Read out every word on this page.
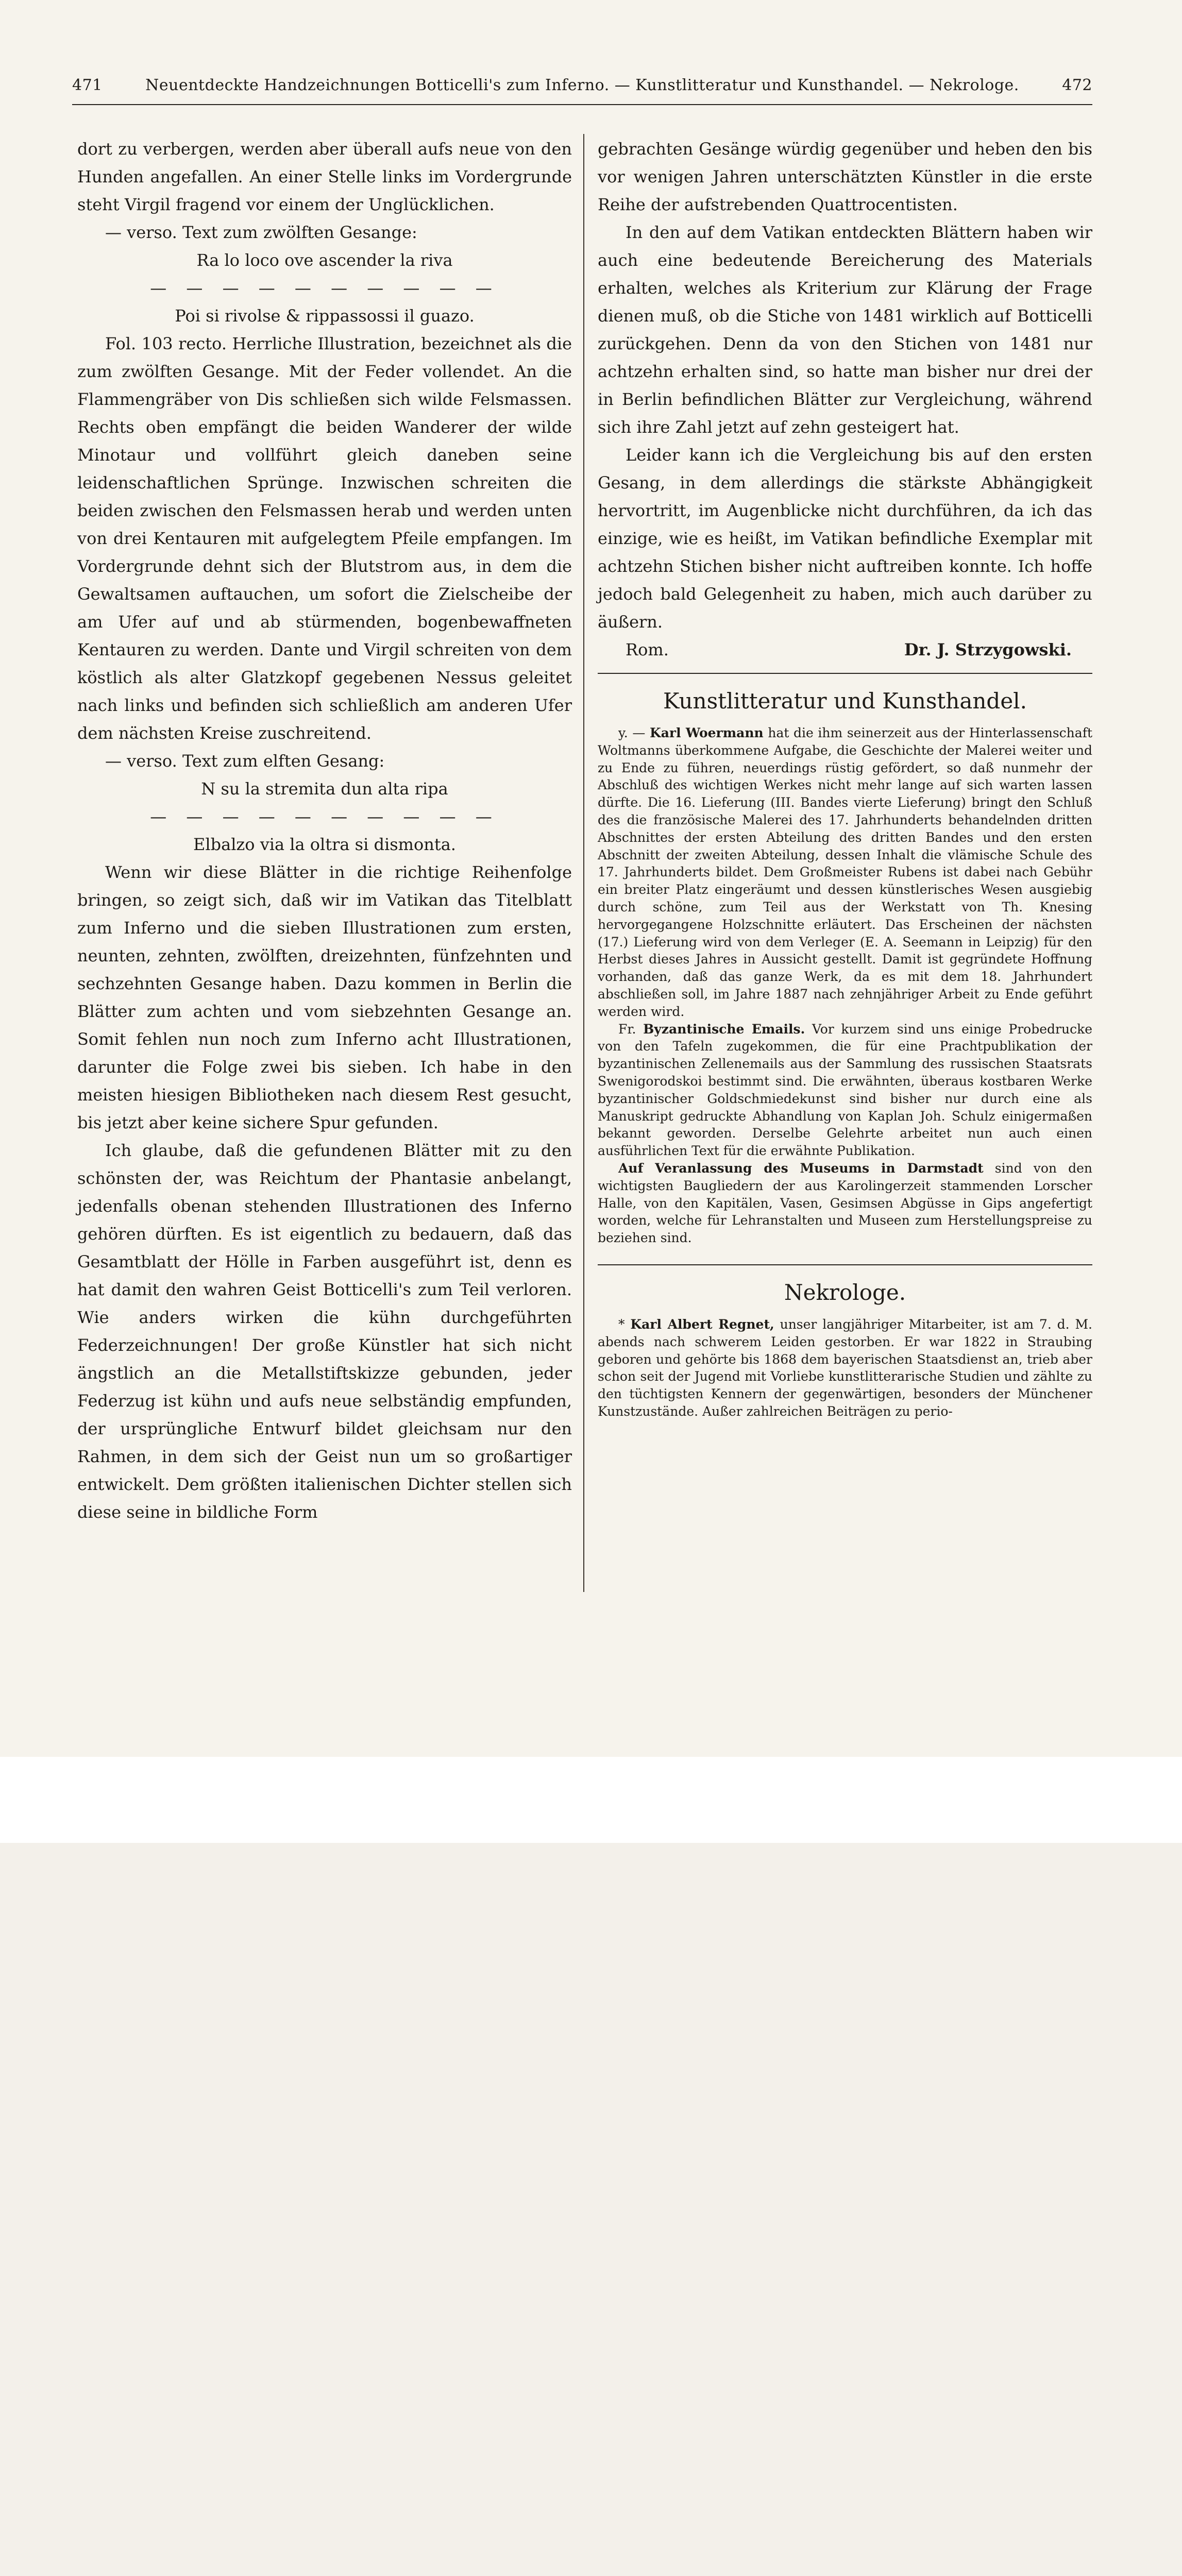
471	Neuentdeckte Handzeichnungen Botticelli's zum Inferno. — Kunstlitteratur und Kunsthandel. — Nekrologe.	472

dort zu verbergen, werden aber überall aufs neue von den Hunden angefallen. An einer Stelle links im Vordergrunde steht Virgil fragend vor einem der Unglücklichen.

— verso. Text zum zwölften Gesange:

Ra lo loco ove ascender la riva

— — — — — — — — — —

Poi si rivolse & rippassossi il guazo.

Fol. 103 recto. Herrliche Illustration, bezeichnet als die zum zwölften Gesange. Mit der Feder vollendet. An die Flammengräber von Dis schließen sich wilde Felsmassen. Rechts oben empfängt die beiden Wanderer der wilde Minotaur und vollführt gleich daneben seine leidenschaftlichen Sprünge. Inzwischen schreiten die beiden zwischen den Felsmassen herab und werden unten von drei Kentauren mit aufgelegtem Pfeile empfangen. Im Vordergrunde dehnt sich der Blutstrom aus, in dem die Gewaltsamen auftauchen, um sofort die Zielscheibe der am Ufer auf und ab stürmenden, bogenbewaffneten Kentauren zu werden. Dante und Virgil schreiten von dem köstlich als alter Glatzkopf gegebenen Nessus geleitet nach links und befinden sich schließlich am anderen Ufer dem nächsten Kreise zuschreitend.

— verso. Text zum elften Gesang:

N su la stremita dun alta ripa

— — — — — — — — — —

Elbalzo via la oltra si dismonta.

Wenn wir diese Blätter in die richtige Reihenfolge bringen, so zeigt sich, daß wir im Vatikan das Titelblatt zum Inferno und die sieben Illustrationen zum ersten, neunten, zehnten, zwölften, dreizehnten, fünfzehnten und sechzehnten Gesange haben. Dazu kommen in Berlin die Blätter zum achten und vom siebzehnten Gesange an. Somit fehlen nun noch zum Inferno acht Illustrationen, darunter die Folge zwei bis sieben. Ich habe in den meisten hiesigen Bibliotheken nach diesem Rest gesucht, bis jetzt aber keine sichere Spur gefunden.

Ich glaube, daß die gefundenen Blätter mit zu den schönsten der, was Reichtum der Phantasie anbelangt, jedenfalls obenan stehenden Illustrationen des Inferno gehören dürften. Es ist eigentlich zu bedauern, daß das Gesamtblatt der Hölle in Farben ausgeführt ist, denn es hat damit den wahren Geist Botticelli's zum Teil verloren. Wie anders wirken die kühn durchgeführten Federzeichnungen! Der große Künstler hat sich nicht ängstlich an die Metallstiftskizze gebunden, jeder Federzug ist kühn und aufs neue selbständig empfunden, der ursprüngliche Entwurf bildet gleichsam nur den Rahmen, in dem sich der Geist nun um so großartiger entwickelt. Dem größten italienischen Dichter stellen sich diese seine in bildliche Form

gebrachten Gesänge würdig gegenüber und heben den bis vor wenigen Jahren unterschätzten Künstler in die erste Reihe der aufstrebenden Quattrocentisten.

In den auf dem Vatikan entdeckten Blättern haben wir auch eine bedeutende Bereicherung des Materials erhalten, welches als Kriterium zur Klärung der Frage dienen muß, ob die Stiche von 1481 wirklich auf Botticelli zurückgehen. Denn da von den Stichen von 1481 nur achtzehn erhalten sind, so hatte man bisher nur drei der in Berlin befindlichen Blätter zur Vergleichung, während sich ihre Zahl jetzt auf zehn gesteigert hat.

Leider kann ich die Vergleichung bis auf den ersten Gesang, in dem allerdings die stärkste Abhängigkeit hervortritt, im Augenblicke nicht durchführen, da ich das einzige, wie es heißt, im Vatikan befindliche Exemplar mit achtzehn Stichen bisher nicht auftreiben konnte. Ich hoffe jedoch bald Gelegenheit zu haben, mich auch darüber zu äußern.

Rom.	Dr. J. Strzygowski.
Kunstlitteratur und Kunsthandel.

y. — Karl Woermann hat die ihm seinerzeit aus der Hinterlassenschaft Woltmanns überkommene Aufgabe, die Geschichte der Malerei weiter und zu Ende zu führen, neuerdings rüstig gefördert, so daß nunmehr der Abschluß des wichtigen Werkes nicht mehr lange auf sich warten lassen dürfte. Die 16. Lieferung (III. Bandes vierte Lieferung) bringt den Schluß des die französische Malerei des 17. Jahrhunderts behandelnden dritten Abschnittes der ersten Abteilung des dritten Bandes und den ersten Abschnitt der zweiten Abteilung, dessen Inhalt die vlämische Schule des 17. Jahrhunderts bildet. Dem Großmeister Rubens ist dabei nach Gebühr ein breiter Platz eingeräumt und dessen künstlerisches Wesen ausgiebig durch schöne, zum Teil aus der Werkstatt von Th. Knesing hervorgegangene Holzschnitte erläutert. Das Erscheinen der nächsten (17.) Lieferung wird von dem Verleger (E. A. Seemann in Leipzig) für den Herbst dieses Jahres in Aussicht gestellt. Damit ist gegründete Hoffnung vorhanden, daß das ganze Werk, da es mit dem 18. Jahrhundert abschließen soll, im Jahre 1887 nach zehnjähriger Arbeit zu Ende geführt werden wird.

Fr. Byzantinische Emails. Vor kurzem sind uns einige Probedrucke von den Tafeln zugekommen, die für eine Prachtpublikation der byzantinischen Zellenemails aus der Sammlung des russischen Staatsrats Swenigorodskoi bestimmt sind. Die erwähnten, überaus kostbaren Werke byzantinischer Goldschmiedekunst sind bisher nur durch eine als Manuskript gedruckte Abhandlung von Kaplan Joh. Schulz einigermaßen bekannt geworden. Derselbe Gelehrte arbeitet nun auch einen ausführlichen Text für die erwähnte Publikation.

Auf Veranlassung des Museums in Darmstadt sind von den wichtigsten Baugliedern der aus Karolingerzeit stammenden Lorscher Halle, von den Kapitälen, Vasen, Gesimsen Abgüsse in Gips angefertigt worden, welche für Lehranstalten und Museen zum Herstellungspreise zu beziehen sind.

Nekrologe.

* Karl Albert Regnet, unser langjähriger Mitarbeiter, ist am 7. d. M. abends nach schwerem Leiden gestorben. Er war 1822 in Straubing geboren und gehörte bis 1868 dem bayerischen Staatsdienst an, trieb aber schon seit der Jugend mit Vorliebe kunstlitterarische Studien und zählte zu den tüchtigsten Kennern der gegenwärtigen, besonders der Münchener Kunstzustände. Außer zahlreichen Beiträgen zu perio-
